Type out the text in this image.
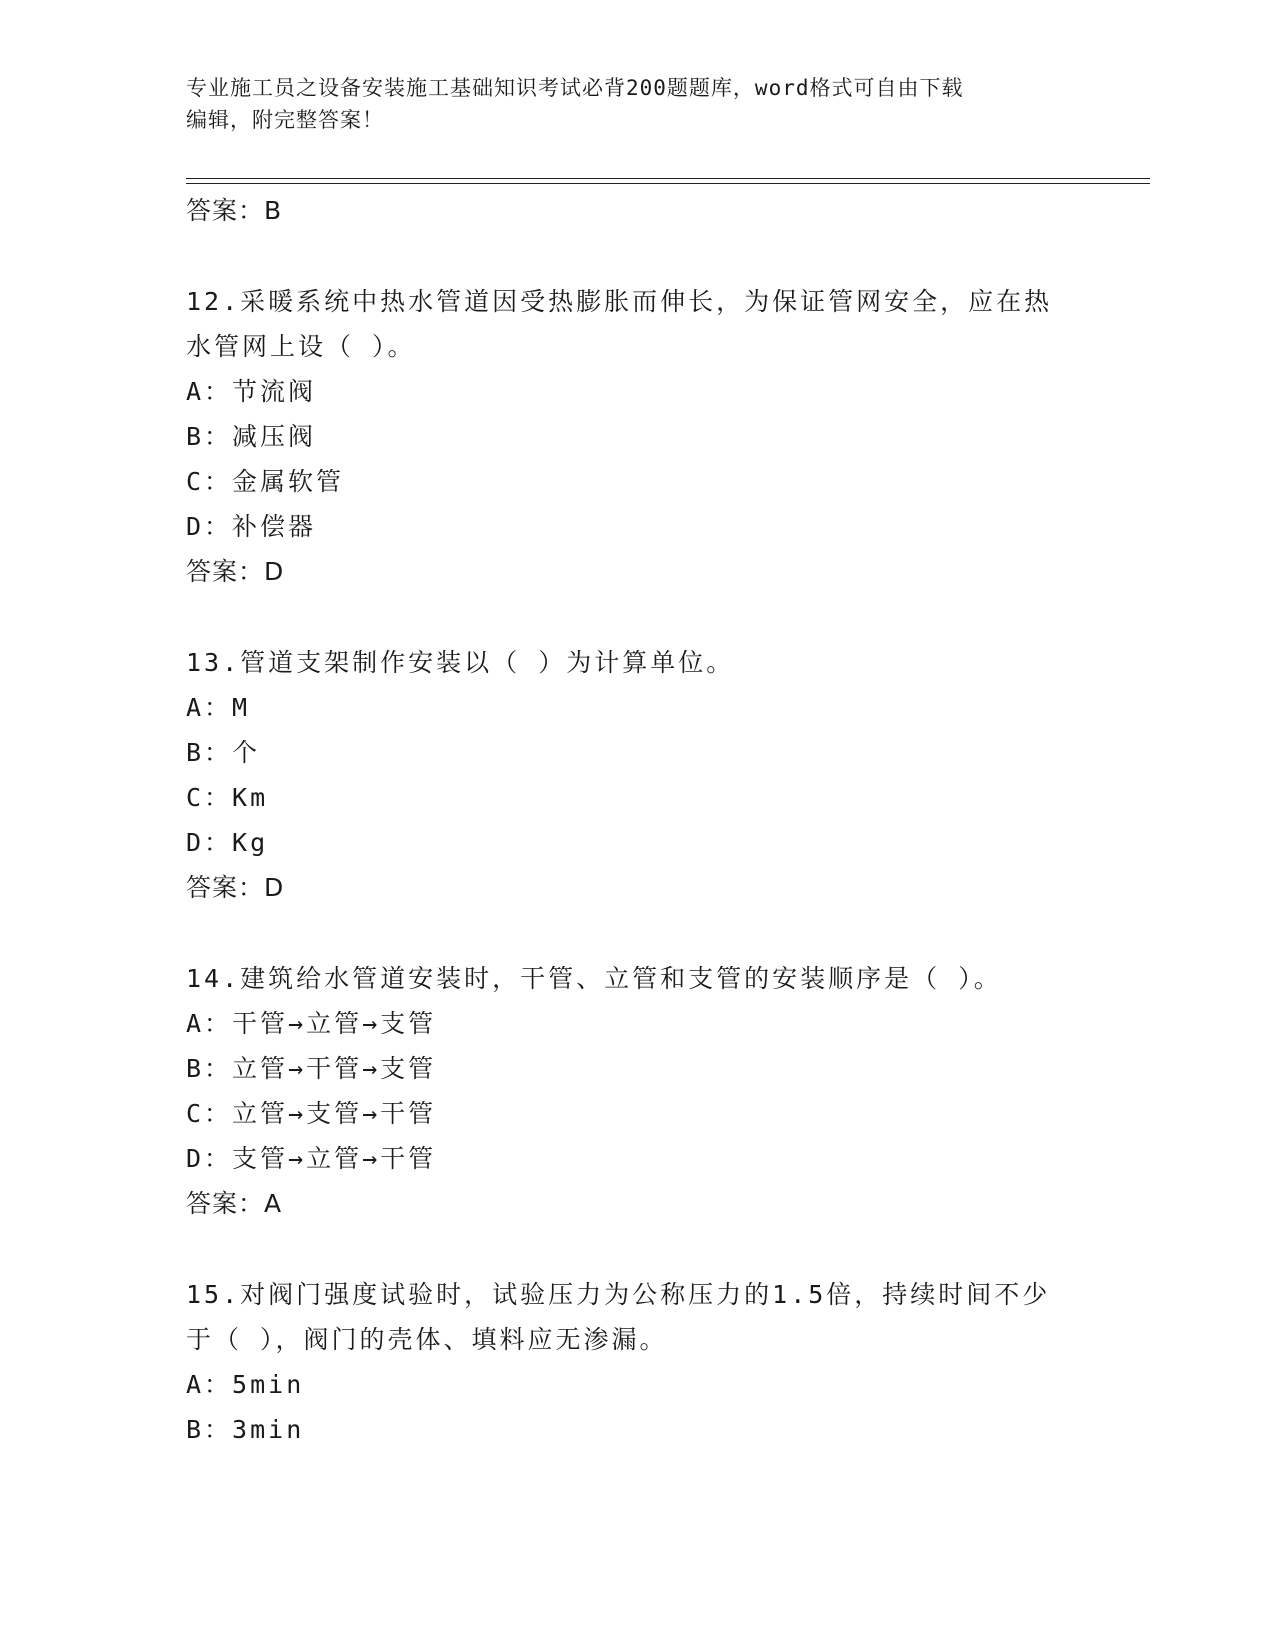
专业施工员之设备安装施工基础知识考试必背200题题库，word格式可自由下载
编辑，附完整答案！
答案：B
12.采暖系统中热水管道因受热膨胀而伸长，为保证管网安全，应在热
水管网上设（ ）。
A：节流阀
B：减压阀
C：金属软管
D：补偿器
答案：D
13.管道支架制作安装以（ ）为计算单位。
A：M
B：个
C：Km
D：Kg
答案：D
14.建筑给水管道安装时，干管、立管和支管的安装顺序是（ ）。
A：干管→立管→支管
B：立管→干管→支管
C：立管→支管→干管
D：支管→立管→干管
答案：A
15.对阀门强度试验时，试验压力为公称压力的1.5倍，持续时间不少
于（ ），阀门的壳体、填料应无渗漏。
A：5min
B：3min
